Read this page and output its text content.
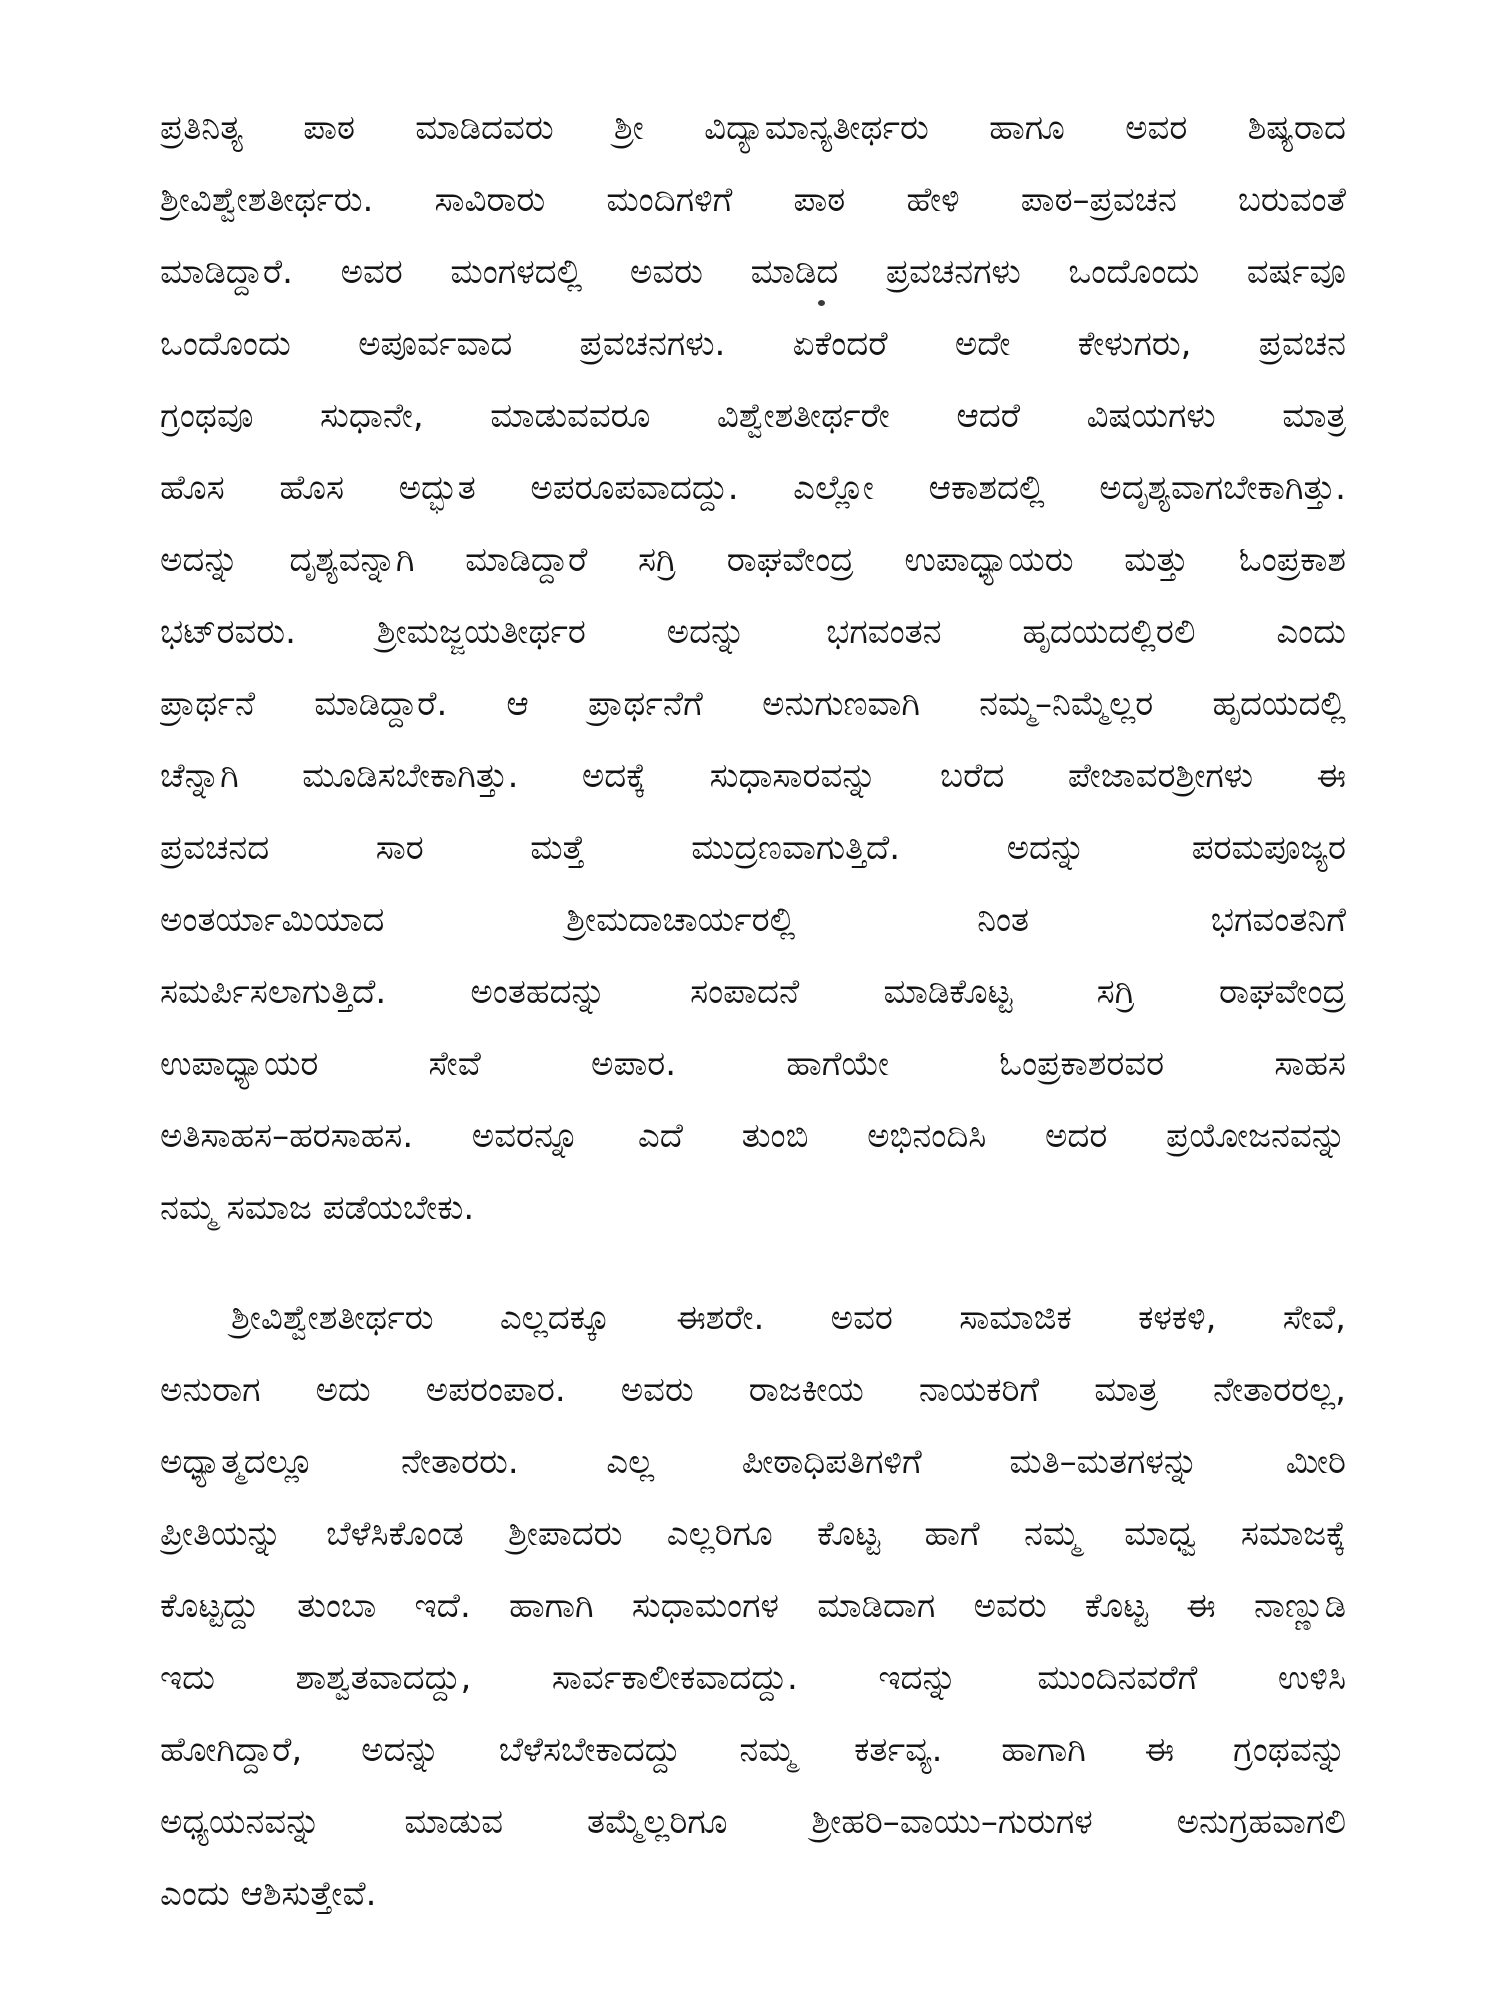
ಪ್ರತಿನಿತ್ಯ ಪಾಠ ಮಾಡಿದವರು ಶ್ರೀ ವಿದ್ಯಾಮಾನ್ಯತೀರ್ಥರು ಹಾಗೂ ಅವರ ಶಿಷ್ಯರಾದ
ಶ್ರೀವಿಶ್ವೇಶತೀರ್ಥರು. ಸಾವಿರಾರು ಮಂದಿಗಳಿಗೆ ಪಾಠ ಹೇಳಿ ಪಾಠ–ಪ್ರವಚನ ಬರುವಂತೆ
ಮಾಡಿದ್ದಾರೆ. ಅವರ ಮಂಗಳದಲ್ಲಿ ಅವರು ಮಾಡಿದ ಪ್ರವಚನಗಳು ಒಂದೊಂದು ವರ್ಷವೂ
ಒಂದೊಂದು ಅಪೂರ್ವವಾದ ಪ್ರವಚನಗಳು. ಏಕೆಂದರೆ ಅದೇ ಕೇಳುಗರು, ಪ್ರವಚನ
ಗ್ರಂಥವೂ ಸುಧಾನೇ, ಮಾಡುವವರೂ ವಿಶ್ವೇಶತೀರ್ಥರೇ ಆದರೆ ವಿಷಯಗಳು ಮಾತ್ರ
ಹೊಸ ಹೊಸ ಅದ್ಭುತ ಅಪರೂಪವಾದದ್ದು. ಎಲ್ಲೋ ಆಕಾಶದಲ್ಲಿ ಅದೃಶ್ಯವಾಗಬೇಕಾಗಿತ್ತು.
ಅದನ್ನು ದೃಶ್ಯವನ್ನಾಗಿ ಮಾಡಿದ್ದಾರೆ ಸಗ್ರಿ ರಾಘವೇಂದ್ರ ಉಪಾಧ್ಯಾಯರು ಮತ್ತು ಓಂಪ್ರಕಾಶ
ಭಟ್‌ರವರು. ಶ್ರೀಮಜ್ಜಯತೀರ್ಥರ ಅದನ್ನು ಭಗವಂತನ ಹೃದಯದಲ್ಲಿರಲಿ ಎಂದು
ಪ್ರಾರ್ಥನೆ ಮಾಡಿದ್ದಾರೆ. ಆ ಪ್ರಾರ್ಥನೆಗೆ ಅನುಗುಣವಾಗಿ ನಮ್ಮ–ನಿಮ್ಮೆಲ್ಲರ ಹೃದಯದಲ್ಲಿ
ಚೆನ್ನಾಗಿ ಮೂಡಿಸಬೇಕಾಗಿತ್ತು. ಅದಕ್ಕೆ ಸುಧಾಸಾರವನ್ನು ಬರೆದ ಪೇಜಾವರಶ್ರೀಗಳು ಈ
ಪ್ರವಚನದ ಸಾರ ಮತ್ತೆ ಮುದ್ರಣವಾಗುತ್ತಿದೆ. ಅದನ್ನು ಪರಮಪೂಜ್ಯರ
ಅಂತರ್ಯಾಮಿಯಾದ ಶ್ರೀಮದಾಚಾರ್ಯರಲ್ಲಿ ನಿಂತ ಭಗವಂತನಿಗೆ
ಸಮರ್ಪಿಸಲಾಗುತ್ತಿದೆ. ಅಂತಹದನ್ನು ಸಂಪಾದನೆ ಮಾಡಿಕೊಟ್ಟ ಸಗ್ರಿ ರಾಘವೇಂದ್ರ
ಉಪಾಧ್ಯಾಯರ ಸೇವೆ ಅಪಾರ. ಹಾಗೆಯೇ ಓಂಪ್ರಕಾಶರವರ ಸಾಹಸ
ಅತಿಸಾಹಸ–ಹರಸಾಹಸ. ಅವರನ್ನೂ ಎದೆ ತುಂಬಿ ಅಭಿನಂದಿಸಿ ಅದರ ಪ್ರಯೋಜನವನ್ನು
ನಮ್ಮ ಸಮಾಜ ಪಡೆಯಬೇಕು.
ಶ್ರೀವಿಶ್ವೇಶತೀರ್ಥರು ಎಲ್ಲದಕ್ಕೂ ಈಶರೇ. ಅವರ ಸಾಮಾಜಿಕ ಕಳಕಳಿ, ಸೇವೆ,
ಅನುರಾಗ ಅದು ಅಪರಂಪಾರ. ಅವರು ರಾಜಕೀಯ ನಾಯಕರಿಗೆ ಮಾತ್ರ ನೇತಾರರಲ್ಲ,
ಅಧ್ಯಾತ್ಮದಲ್ಲೂ ನೇತಾರರು. ಎಲ್ಲ ಪೀಠಾಧಿಪತಿಗಳಿಗೆ ಮತಿ–ಮತಗಳನ್ನು ಮೀರಿ
ಪ್ರೀತಿಯನ್ನು ಬೆಳೆಸಿಕೊಂಡ ಶ್ರೀಪಾದರು ಎಲ್ಲರಿಗೂ ಕೊಟ್ಟ ಹಾಗೆ ನಮ್ಮ ಮಾಧ್ವ ಸಮಾಜಕ್ಕೆ
ಕೊಟ್ಟದ್ದು ತುಂಬಾ ಇದೆ. ಹಾಗಾಗಿ ಸುಧಾಮಂಗಳ ಮಾಡಿದಾಗ ಅವರು ಕೊಟ್ಟ ಈ ನಾಣ್ಣುಡಿ
ಇದು ಶಾಶ್ವತವಾದದ್ದು, ಸಾರ್ವಕಾಲೀಕವಾದದ್ದು. ಇದನ್ನು ಮುಂದಿನವರೆಗೆ ಉಳಿಸಿ
ಹೋಗಿದ್ದಾರೆ, ಅದನ್ನು ಬೆಳೆಸಬೇಕಾದದ್ದು ನಮ್ಮ ಕರ್ತವ್ಯ. ಹಾಗಾಗಿ ಈ ಗ್ರಂಥವನ್ನು
ಅಧ್ಯಯನವನ್ನು ಮಾಡುವ ತಮ್ಮೆಲ್ಲರಿಗೂ ಶ್ರೀಹರಿ–ವಾಯು–ಗುರುಗಳ ಅನುಗ್ರಹವಾಗಲಿ
ಎಂದು ಆಶಿಸುತ್ತೇವೆ.
